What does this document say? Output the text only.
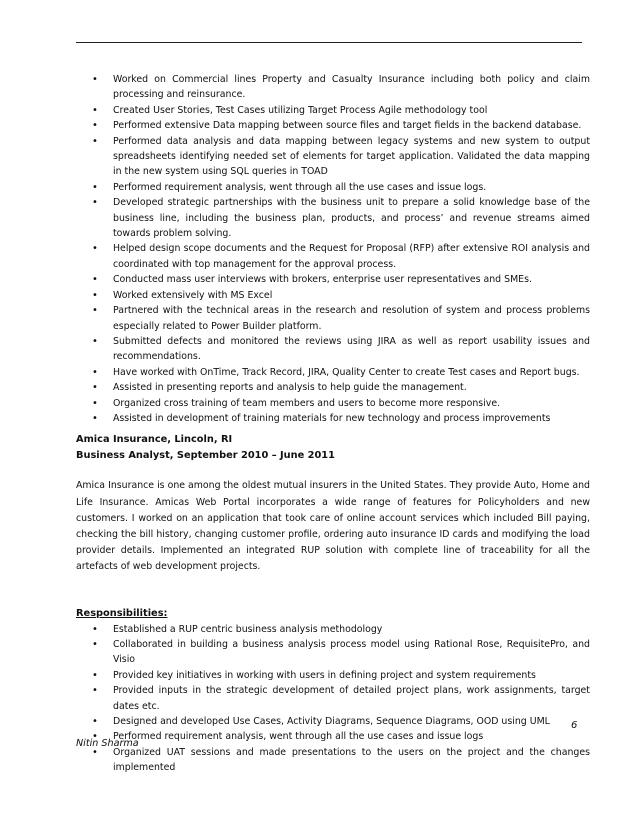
• Worked on Commercial lines Property and Casualty Insurance including both policy and claim processing and reinsurance.
• Created User Stories, Test Cases utilizing Target Process Agile methodology tool
• Performed extensive Data mapping between source files and target fields in the backend database.
• Performed data analysis and data mapping between legacy systems and new system to output spreadsheets identifying needed set of elements for target application. Validated the data mapping in the new system using SQL queries in TOAD
• Performed requirement analysis, went through all the use cases and issue logs.
• Developed strategic partnerships with the business unit to prepare a solid knowledge base of the business line, including the business plan, products, and process’ and revenue streams aimed towards problem solving.
• Helped design scope documents and the Request for Proposal (RFP) after extensive ROI analysis and coordinated with top management for the approval process.
• Conducted mass user interviews with brokers, enterprise user representatives and SMEs.
• Worked extensively with MS Excel
• Partnered with the technical areas in the research and resolution of system and process problems especially related to Power Builder platform.
• Submitted defects and monitored the reviews using JIRA as well as report usability issues and recommendations.
• Have worked with OnTime, Track Record, JIRA, Quality Center to create Test cases and Report bugs.
• Assisted in presenting reports and analysis to help guide the management.
• Organized cross training of team members and users to become more responsive.
• Assisted in development of training materials for new technology and process improvements
Amica Insurance, Lincoln, RI
Business Analyst, September 2010 – June 2011
Amica Insurance is one among the oldest mutual insurers in the United States. They provide Auto, Home and Life Insurance. Amicas Web Portal incorporates a wide range of features for Policyholders and new customers. I worked on an application that took care of online account services which included Bill paying, checking the bill history, changing customer profile, ordering auto insurance ID cards and modifying the load provider details. Implemented an integrated RUP solution with complete line of traceability for all the artefacts of web development projects.
Responsibilities:
• Established a RUP centric business analysis methodology
• Collaborated in building a business analysis process model using Rational Rose, RequisitePro, and Visio
• Provided key initiatives in working with users in defining project and system requirements
• Provided inputs in the strategic development of detailed project plans, work assignments, target dates etc.
• Designed and developed Use Cases, Activity Diagrams, Sequence Diagrams, OOD using UML
• Performed requirement analysis, went through all the use cases and issue logs
• Organized UAT sessions and made presentations to the users on the project and the changes implemented
6
Nitin Sharma
